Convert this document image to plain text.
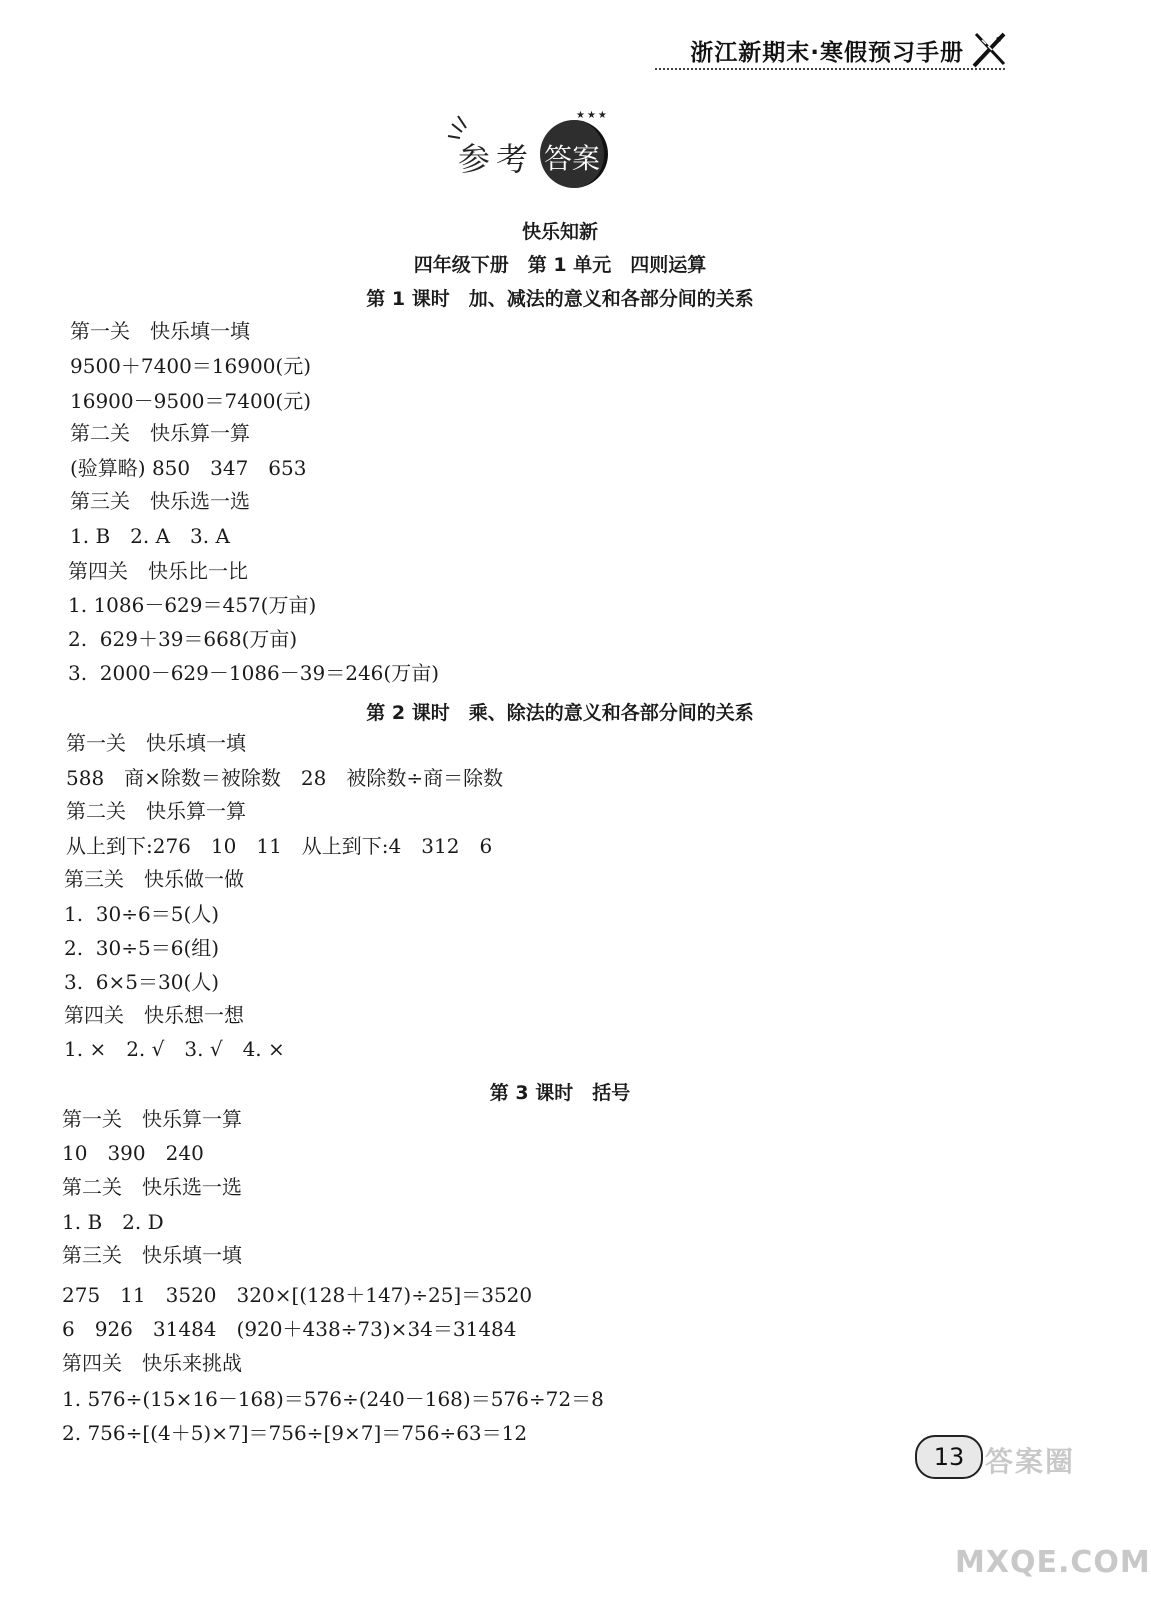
浙江新期末·寒假预习手册
参考 答案
★★★
快乐知新
四年级下册　第 1 单元　四则运算
第 1 课时　加、减法的意义和各部分间的关系
第一关　快乐填一填
9500＋7400＝16900(元)
16900－9500＝7400(元)
第二关　快乐算一算
(验算略) 850　347　653
第三关　快乐选一选
1. B　2. A　3. A
第四关　快乐比一比
1. 1086－629＝457(万亩)
2.  629＋39＝668(万亩)
3.  2000－629－1086－39＝246(万亩)
第 2 课时　乘、除法的意义和各部分间的关系
第一关　快乐填一填
588　商×除数＝被除数　28　被除数÷商＝除数
第二关　快乐算一算
从上到下:276　10　11　从上到下:4　312　6
第三关　快乐做一做
1.  30÷6＝5(人)
2.  30÷5＝6(组)
3.  6×5＝30(人)
第四关　快乐想一想
1. ×　2. √　3. √　4. ×
第 3 课时　括号
第一关　快乐算一算
10　390　240
第二关　快乐选一选
1. B　2. D
第三关　快乐填一填
275　11　3520　320×[(128＋147)÷25]＝3520
6　926　31484　(920＋438÷73)×34＝31484
第四关　快乐来挑战
1. 576÷(15×16－168)＝576÷(240－168)＝576÷72＝8
2. 756÷[(4＋5)×7]＝756÷[9×7]＝756÷63＝12
13 答案圈
MXQE.COM
